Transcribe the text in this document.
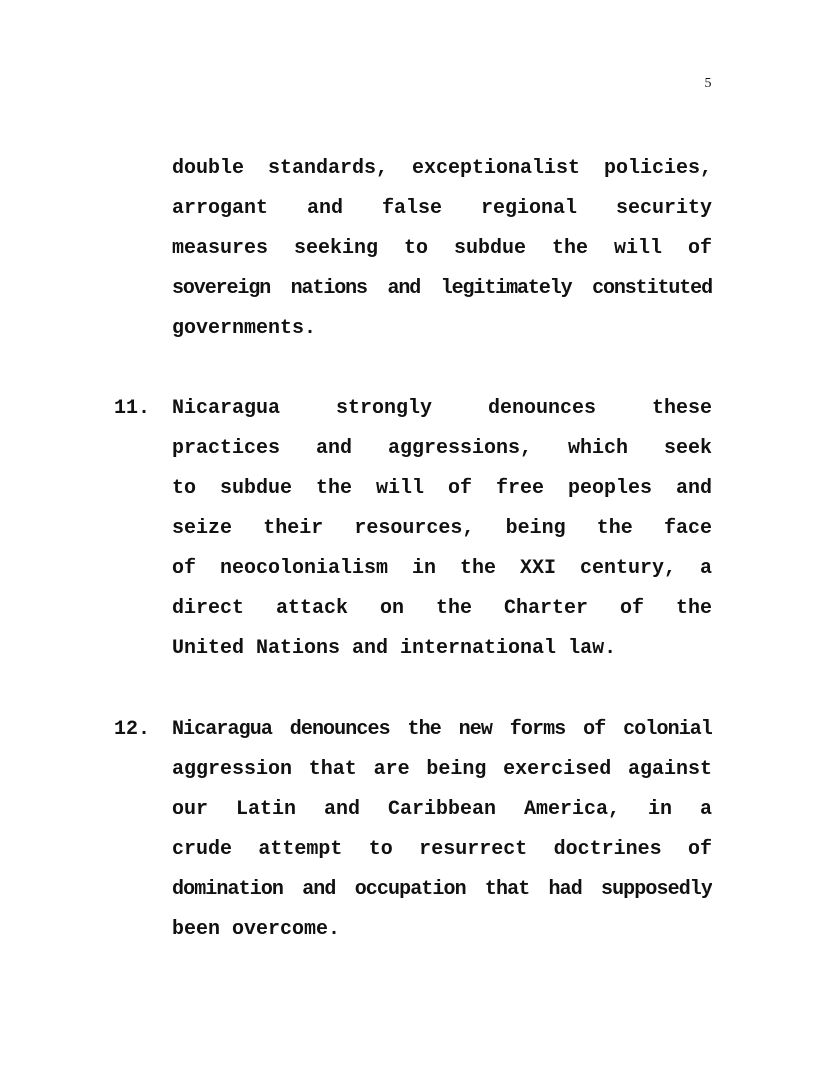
5
double standards, exceptionalist policies,
arrogant and false regional security
measures seeking to subdue the will of
sovereign nations and legitimately constituted
governments.
11. Nicaragua strongly denounces these
practices and aggressions, which seek
to subdue the will of free peoples and
seize their resources, being the face
of neocolonialism in the XXI century, a
direct attack on the Charter of the
United Nations and international law.
12. Nicaragua denounces the new forms of colonial
aggression that are being exercised against
our Latin and Caribbean America, in a
crude attempt to resurrect doctrines of
domination and occupation that had supposedly
been overcome.
